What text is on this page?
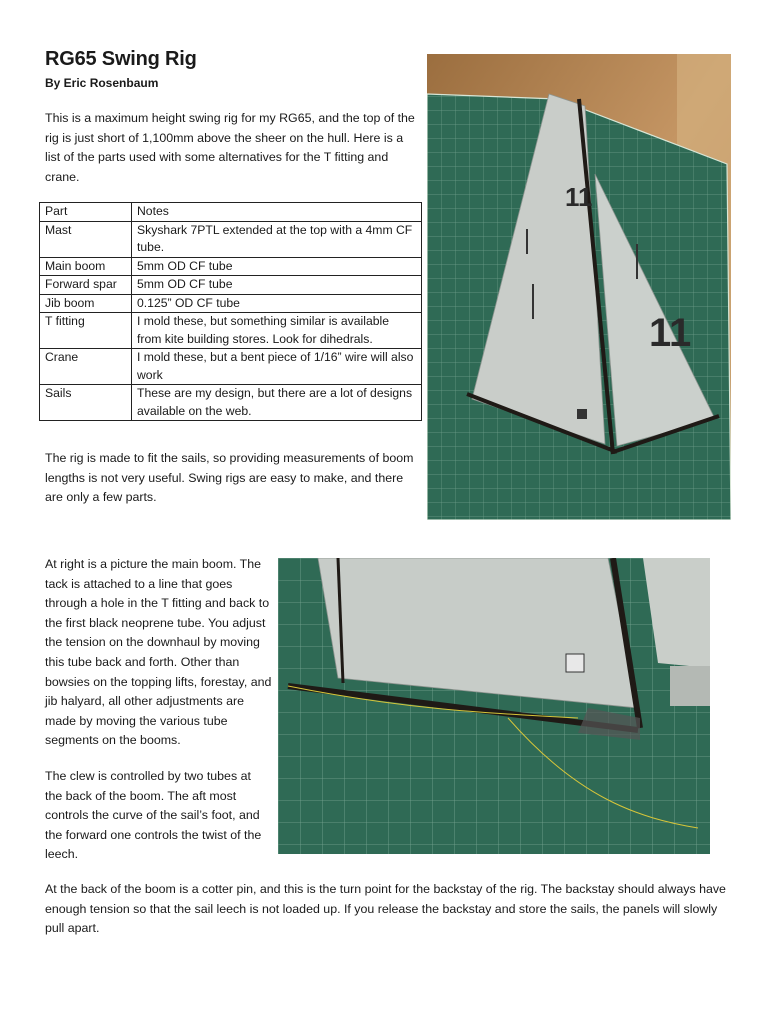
RG65 Swing Rig
By Eric Rosenbaum

This is a maximum height swing rig for my RG65, and the top of the rig is just short of 1,100mm above the sheer on the hull. Here is a list of the parts used with some alternatives for the T fitting and crane.

Part	Notes
Mast	Skyshark 7PTL extended at the top with a 4mm CF tube.
Main boom	5mm OD CF tube
Forward spar	5mm OD CF tube
Jib boom	0.125” OD CF tube
T fitting	I mold these, but something similar is available from kite building stores. Look for dihedrals.
Crane	I mold these, but a bent piece of 1/16” wire will also work
Sails	These are my design, but there are a lot of designs available on the web.

The rig is made to fit the sails, so providing measurements of boom lengths is not very useful. Swing rigs are easy to make, and there are only a few parts.

At right is a picture the main boom. The tack is attached to a line that goes through a hole in the T fitting and back to the first black neoprene tube. You adjust the tension on the downhaul by moving this tube back and forth. Other than bowsies on the topping lifts, forestay, and jib halyard, all other adjustments are made by moving the various tube segments on the booms.

The clew is controlled by two tubes at the back of the boom. The aft most controls the curve of the sail’s foot, and the forward one controls the twist of the leech.

At the back of the boom is a cotter pin, and this is the turn point for the backstay of the rig. The backstay should always have enough tension so that the sail leech is not loaded up. If you release the backstay and store the sails, the panels will slowly pull apart.

11
11
